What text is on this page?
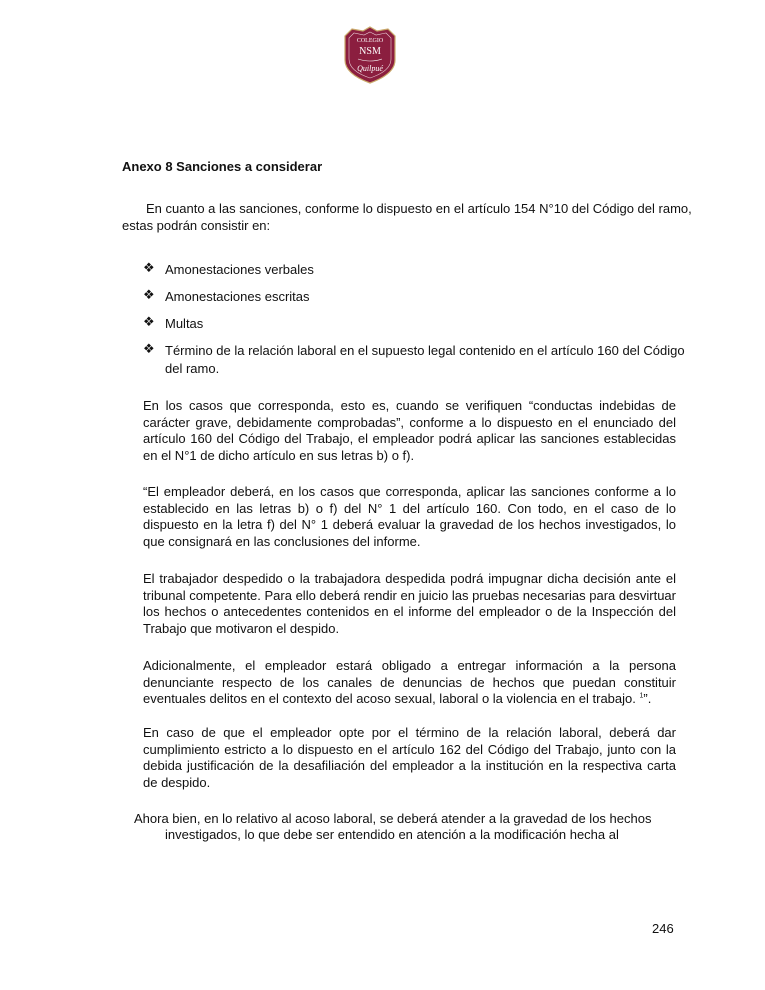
COLEGIO
NSM
Quilpué
Anexo 8 Sanciones a considerar
En cuanto a las sanciones, conforme lo dispuesto en el artículo 154 N°10 del Código del ramo,
estas podrán consistir en:
❖ Amonestaciones verbales
❖ Amonestaciones escritas
❖ Multas
❖ Término de la relación laboral en el supuesto legal contenido en el artículo 160 del Código del ramo.
En los casos que corresponda, esto es, cuando se verifiquen “conductas indebidas de carácter grave, debidamente comprobadas”, conforme a lo dispuesto en el enunciado del artículo 160 del Código del Trabajo, el empleador podrá aplicar las sanciones establecidas en el N°1 de dicho artículo en sus letras b) o f).
“El empleador deberá, en los casos que corresponda, aplicar las sanciones conforme a lo establecido en las letras b) o f) del N° 1 del artículo 160. Con todo, en el caso de lo dispuesto en la letra f) del N° 1 deberá evaluar la gravedad de los hechos investigados, lo que consignará en las conclusiones del informe.
El trabajador despedido o la trabajadora despedida podrá impugnar dicha decisión ante el tribunal competente. Para ello deberá rendir en juicio las pruebas necesarias para desvirtuar los hechos o antecedentes contenidos en el informe del empleador o de la Inspección del Trabajo que motivaron el despido.
Adicionalmente, el empleador estará obligado a entregar información a la persona denunciante respecto de los canales de denuncias de hechos que puedan constituir eventuales delitos en el contexto del acoso sexual, laboral o la violencia en el trabajo. $^1$”.
En caso de que el empleador opte por el término de la relación laboral, deberá dar cumplimiento estricto a lo dispuesto en el artículo 162 del Código del Trabajo, junto con la debida justificación de la desafiliación del empleador a la institución en la respectiva carta de despido.
Ahora bien, en lo relativo al acoso laboral, se deberá atender a la gravedad de los hechos
investigados, lo que debe ser entendido en atención a la modificación hecha al
246
